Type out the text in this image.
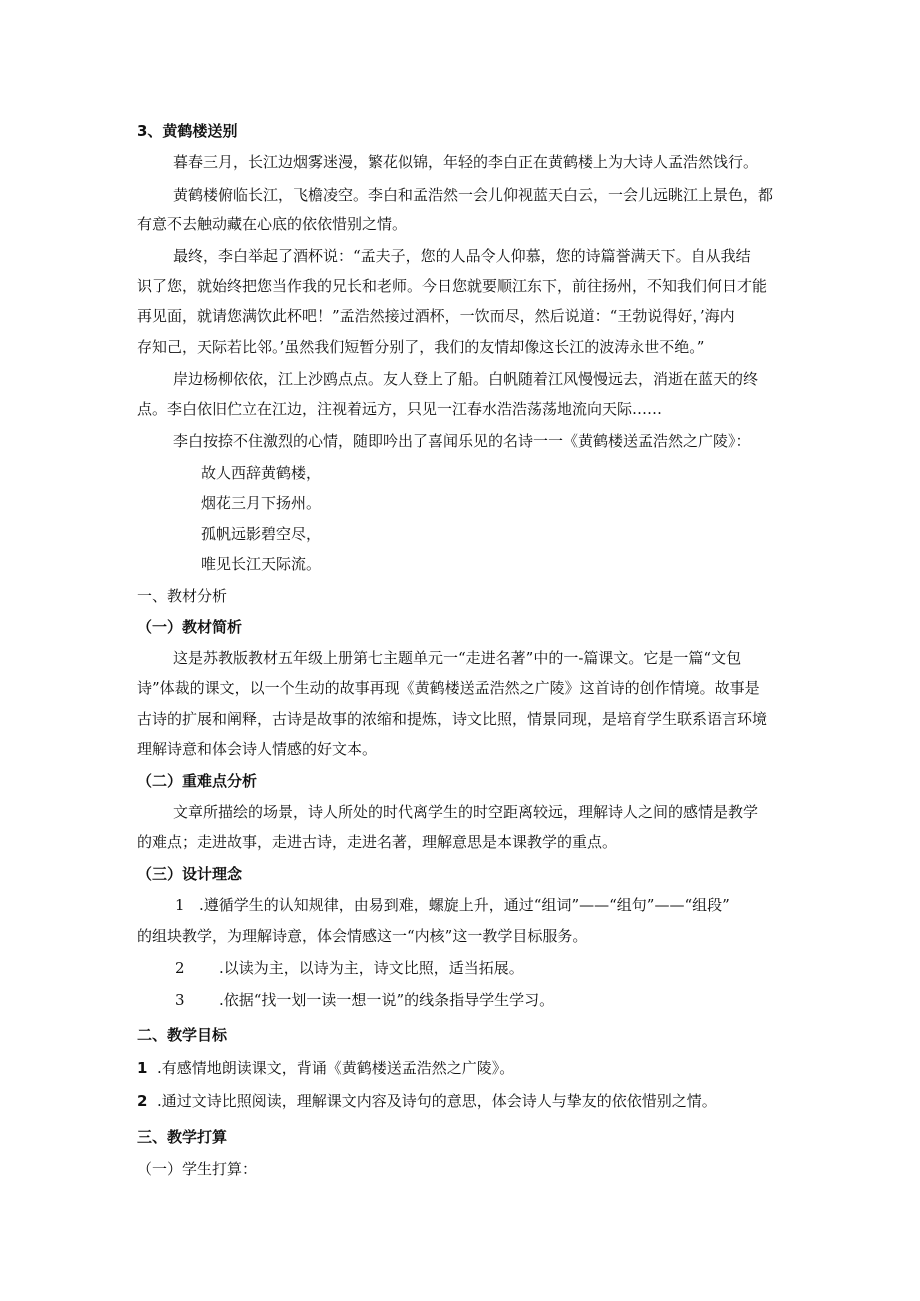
3、黄鹤楼送别
暮春三月，长江边烟雾迷漫，繁花似锦，年轻的李白正在黄鹤楼上为大诗人孟浩然饯行。
黄鹤楼俯临长江，飞檐凌空。李白和孟浩然一会儿仰视蓝天白云，一会儿远眺江上景色，都
有意不去触动藏在心底的依依惜别之情。
最终，李白举起了酒杯说：“孟夫子，您的人品令人仰慕，您的诗篇誉满天下。自从我结
识了您，就始终把您当作我的兄长和老师。今日您就要顺江东下，前往扬州，不知我们何日才能
再见面，就请您满饮此杯吧！”孟浩然接过酒杯，一饮而尽，然后说道：“王勃说得好，’海内
存知己，天际若比邻。’虽然我们短暂分别了，我们的友情却像这长江的波涛永世不绝。”
岸边杨柳依依，江上沙鸥点点。友人登上了船。白帆随着江风慢慢远去，消逝在蓝天的终
点。李白依旧伫立在江边，注视着远方，只见一江春水浩浩荡荡地流向天际……
李白按捺不住激烈的心情，随即吟出了喜闻乐见的名诗一一《黄鹤楼送孟浩然之广陵》：
故人西辞黄鹤楼，
烟花三月下扬州。
孤帆远影碧空尽，
唯见长江天际流。
一、教材分析
（一）教材简析
这是苏教版教材五年级上册第七主题单元一“走进名著”中的一-篇课文。它是一篇“文包
诗”体裁的课文，以一个生动的故事再现《黄鹤楼送孟浩然之广陵》这首诗的创作情境。故事是
古诗的扩展和阐释，古诗是故事的浓缩和提炼，诗文比照，情景同现，是培育学生联系语言环境
理解诗意和体会诗人情感的好文本。
（二）重难点分析
文章所描绘的场景，诗人所处的时代离学生的时空距离较远，理解诗人之间的感情是教学
的难点；走进故事，走进古诗，走进名著，理解意思是本课教学的重点。
（三）设计理念
1 .遵循学生的认知规律，由易到难，螺旋上升，通过“组词”——“组句”——“组段”
的组块教学，为理解诗意，体会情感这一“内核”这一教学目标服务。
2 .以读为主，以诗为主，诗文比照，适当拓展。
3 .依据“找一划一读一想一说”的线条指导学生学习。
二、教学目标
1 .有感情地朗读课文，背诵《黄鹤楼送孟浩然之广陵》。
2 .通过文诗比照阅读，理解课文内容及诗句的意思，体会诗人与挚友的依依惜别之情。
三、教学打算
（一）学生打算：
